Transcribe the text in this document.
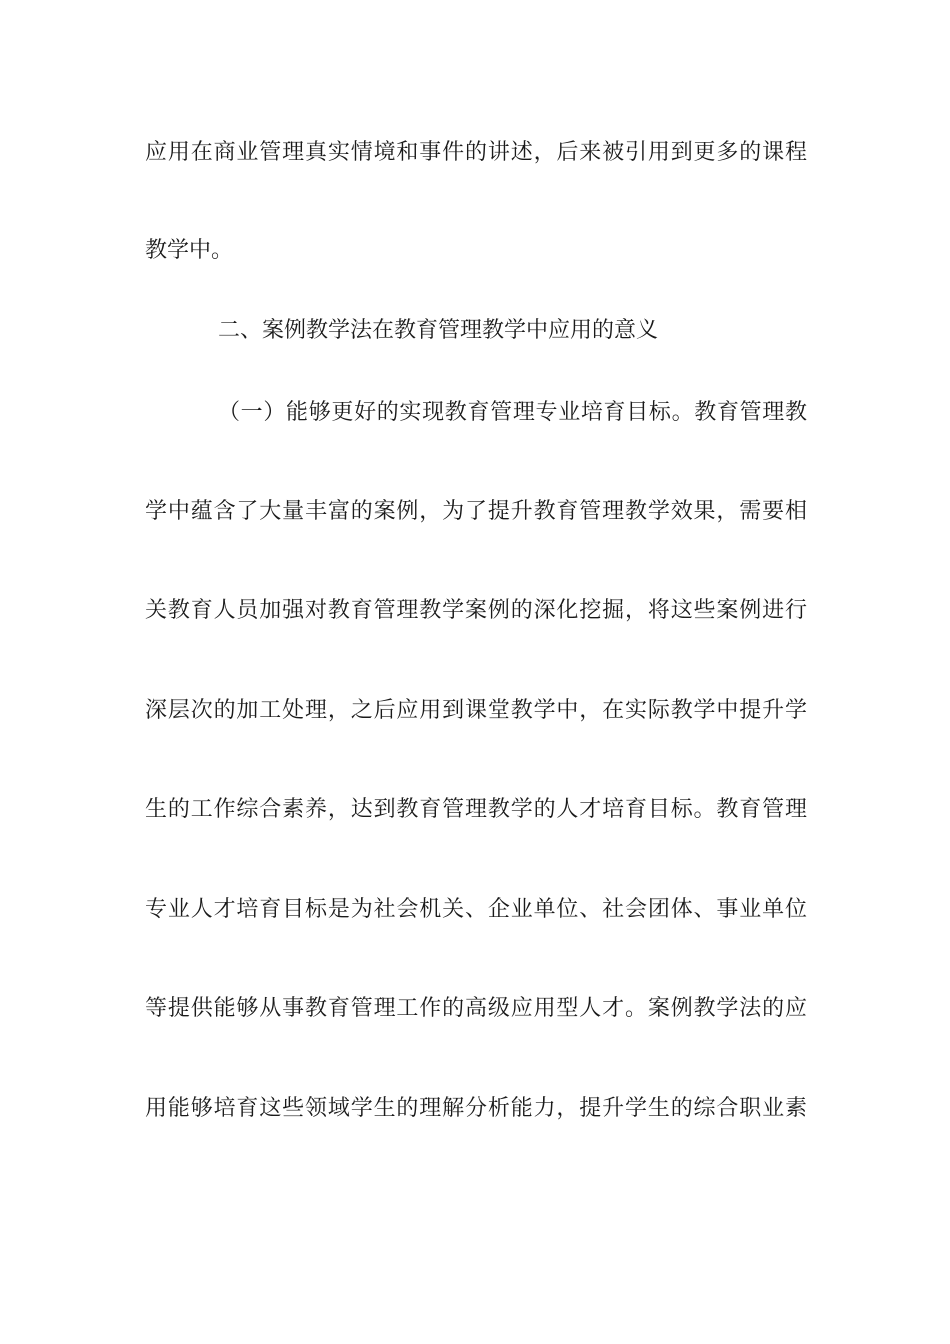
应用在商业管理真实情境和事件的讲述，后来被引用到更多的课程
教学中。
二、案例教学法在教育管理教学中应用的意义
（一）能够更好的实现教育管理专业培育目标。教育管理教
学中蕴含了大量丰富的案例，为了提升教育管理教学效果，需要相
关教育人员加强对教育管理教学案例的深化挖掘，将这些案例进行
深层次的加工处理，之后应用到课堂教学中，在实际教学中提升学
生的工作综合素养，达到教育管理教学的人才培育目标。教育管理
专业人才培育目标是为社会机关、企业单位、社会团体、事业单位
等提供能够从事教育管理工作的高级应用型人才。案例教学法的应
用能够培育这些领域学生的理解分析能力，提升学生的综合职业素
